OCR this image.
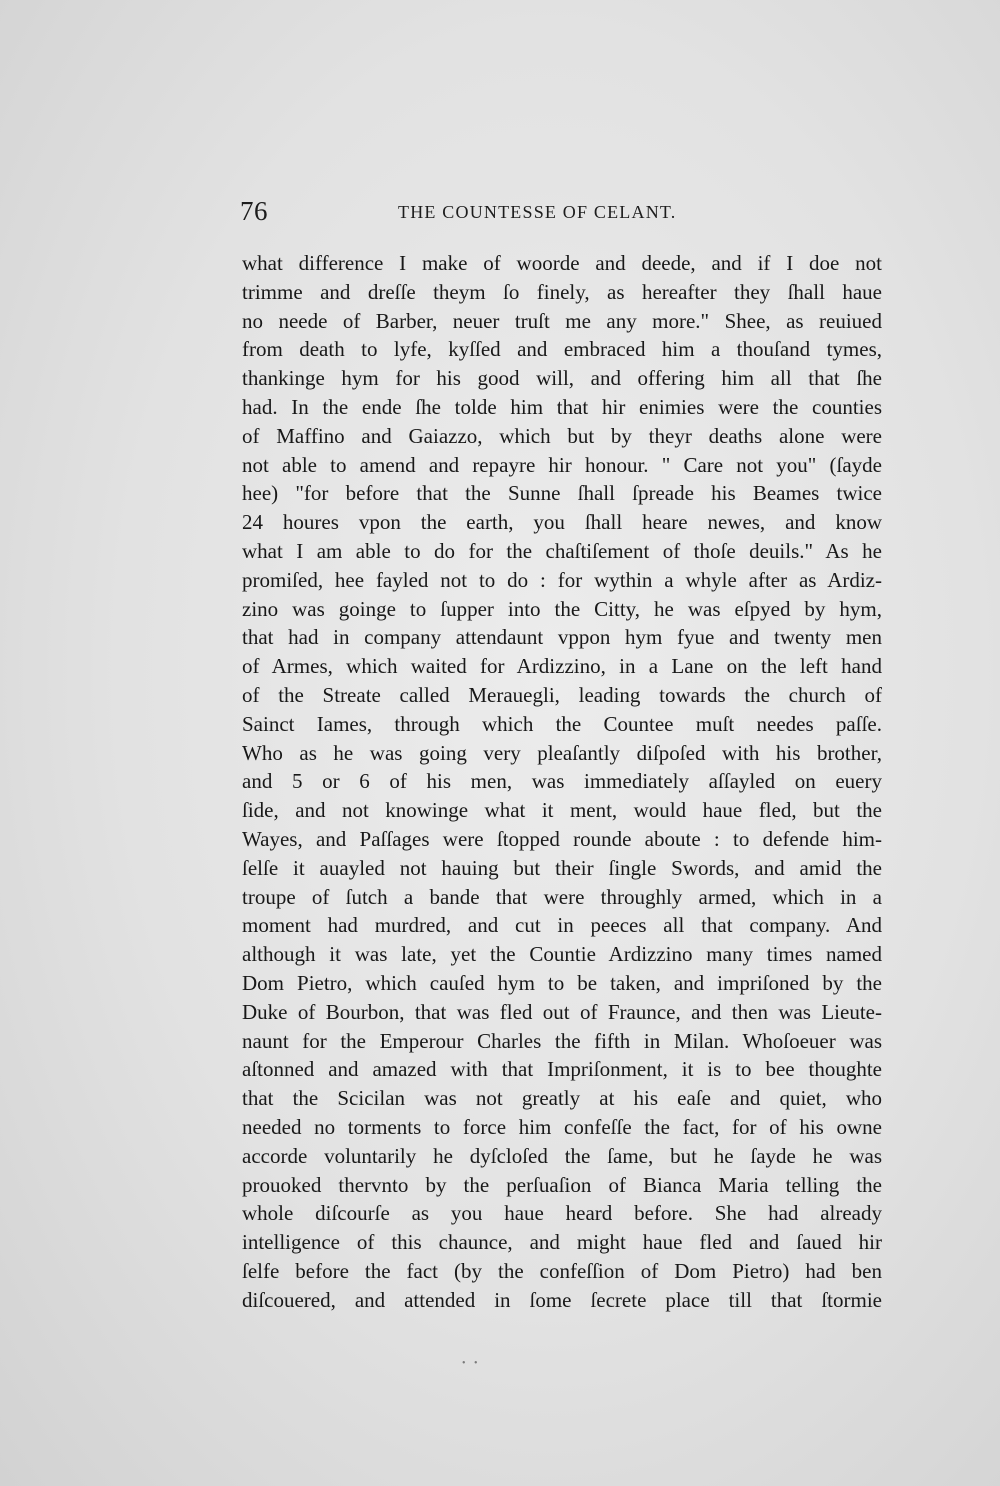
76	THE COUNTESSE OF CELANT.
what difference I make of woorde and deede, and if I doe not
trimme and dreſſe theym ſo finely, as hereafter they ſhall haue
no neede of Barber, neuer truſt me any more." Shee, as reuiued
from death to lyfe, kyſſed and embraced him a thouſand tymes,
thankinge hym for his good will, and offering him all that ſhe
had. In the ende ſhe tolde him that hir enimies were the counties
of Maffino and Gaiazzo, which but by theyr deaths alone were
not able to amend and repayre hir honour. " Care not you" (ſayde
hee) "for before that the Sunne ſhall ſpreade his Beames twice
24 houres vpon the earth, you ſhall heare newes, and know
what I am able to do for the chaſtiſement of thoſe deuils." As he
promiſed, hee fayled not to do : for wythin a whyle after as Ardiz-
zino was goinge to ſupper into the Citty, he was eſpyed by hym,
that had in company attendaunt vppon hym fyue and twenty men
of Armes, which waited for Ardizzino, in a Lane on the left hand
of the Streate called Merauegli, leading towards the church of
Sainct Iames, through which the Countee muſt needes paſſe.
Who as he was going very pleaſantly diſpoſed with his brother,
and 5 or 6 of his men, was immediately aſſayled on euery
ſide, and not knowinge what it ment, would haue fled, but the
Wayes, and Paſſages were ſtopped rounde aboute : to defende him-
ſelſe it auayled not hauing but their ſingle Swords, and amid the
troupe of ſutch a bande that were throughly armed, which in a
moment had murdred, and cut in peeces all that company. And
although it was late, yet the Countie Ardizzino many times named
Dom Pietro, which cauſed hym to be taken, and impriſoned by the
Duke of Bourbon, that was fled out of Fraunce, and then was Lieute-
naunt for the Emperour Charles the fifth in Milan. Whoſoeuer was
aſtonned and amazed with that Impriſonment, it is to bee thoughte
that the Scicilan was not greatly at his eaſe and quiet, who
needed no torments to force him confeſſe the fact, for of his owne
accorde voluntarily he dyſcloſed the ſame, but he ſayde he was
prouoked thervnto by the perſuaſion of Bianca Maria telling the
whole diſcourſe as you haue heard before. She had already
intelligence of this chaunce, and might haue fled and ſaued hir
ſelfe before the fact (by the confeſſion of Dom Pietro) had ben
diſcouered, and attended in ſome ſecrete place till that ſtormie
• •
